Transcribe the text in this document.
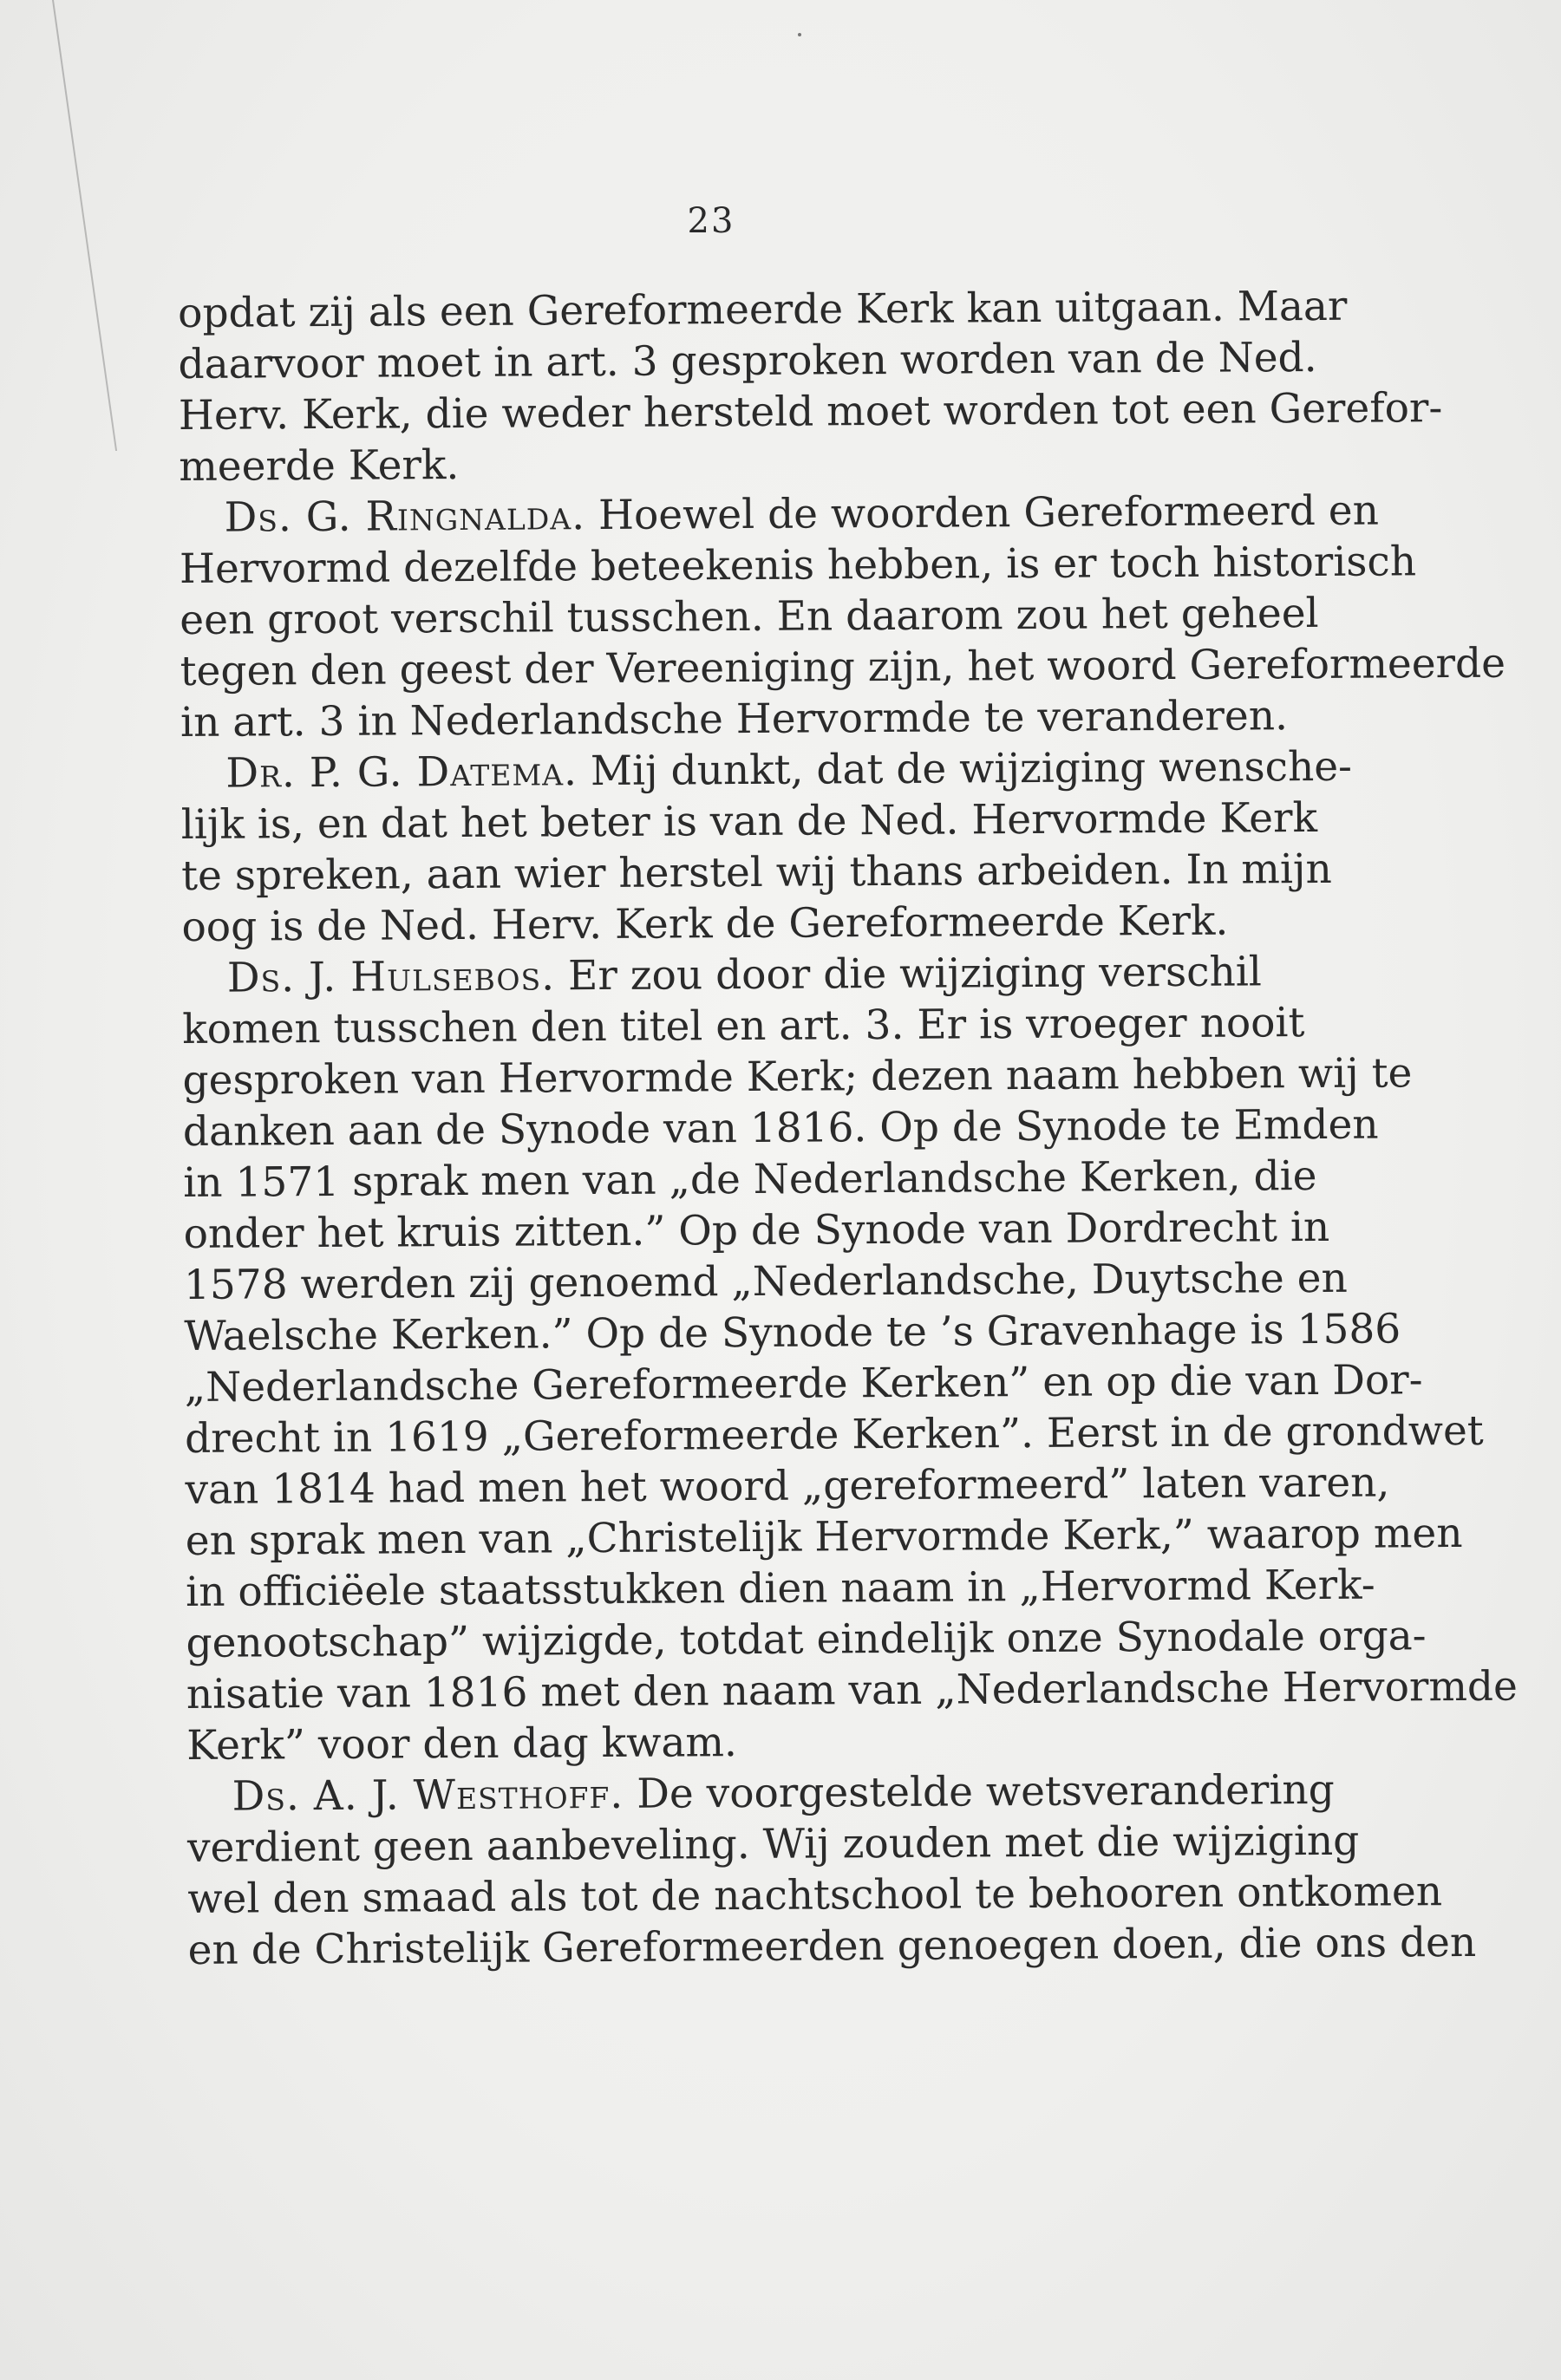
23
opdat zij als een Gereformeerde Kerk kan uitgaan. Maar
daarvoor moet in art. 3 gesproken worden van de Ned.
Herv. Kerk, die weder hersteld moet worden tot een Gerefor-
meerde Kerk.
Ds. G. Ringnalda. Hoewel de woorden Gereformeerd en
Hervormd dezelfde beteekenis hebben, is er toch historisch
een groot verschil tusschen. En daarom zou het geheel
tegen den geest der Vereeniging zijn, het woord Gereformeerde
in art. 3 in Nederlandsche Hervormde te veranderen.
Dr. P. G. Datema. Mij dunkt, dat de wijziging wensche-
lijk is, en dat het beter is van de Ned. Hervormde Kerk
te spreken, aan wier herstel wij thans arbeiden. In mijn
oog is de Ned. Herv. Kerk de Gereformeerde Kerk.
Ds. J. Hulsebos. Er zou door die wijziging verschil
komen tusschen den titel en art. 3. Er is vroeger nooit
gesproken van Hervormde Kerk; dezen naam hebben wij te
danken aan de Synode van 1816. Op de Synode te Emden
in 1571 sprak men van „de Nederlandsche Kerken, die
onder het kruis zitten.” Op de Synode van Dordrecht in
1578 werden zij genoemd „Nederlandsche, Duytsche en
Waelsche Kerken.” Op de Synode te ’s Gravenhage is 1586
„Nederlandsche Gereformeerde Kerken” en op die van Dor-
drecht in 1619 „Gereformeerde Kerken”. Eerst in de grondwet
van 1814 had men het woord „gereformeerd” laten varen,
en sprak men van „Christelijk Hervormde Kerk,” waarop men
in officiëele staatsstukken dien naam in „Hervormd Kerk-
genootschap” wijzigde, totdat eindelijk onze Synodale orga-
nisatie van 1816 met den naam van „Nederlandsche Hervormde
Kerk” voor den dag kwam.
Ds. A. J. Westhoff. De voorgestelde wetsverandering
verdient geen aanbeveling. Wij zouden met die wijziging
wel den smaad als tot de nachtschool te behooren ontkomen
en de Christelijk Gereformeerden genoegen doen, die ons den
